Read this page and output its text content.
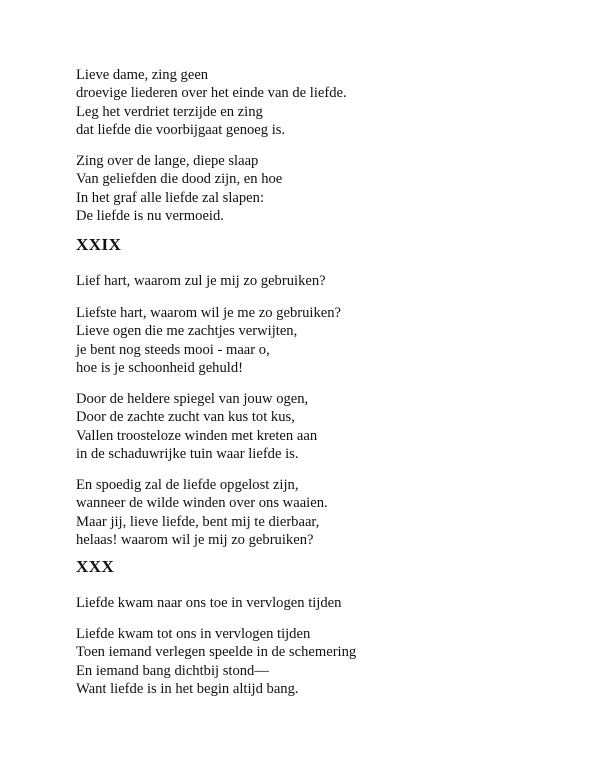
Lieve dame, zing geen
droevige liederen over het einde van de liefde.
Leg het verdriet terzijde en zing
dat liefde die voorbijgaat genoeg is.
Zing over de lange, diepe slaap
Van geliefden die dood zijn, en hoe
In het graf alle liefde zal slapen:
De liefde is nu vermoeid.
XXIX
Lief hart, waarom zul je mij zo gebruiken?
Liefste hart, waarom wil je me zo gebruiken?
Lieve ogen die me zachtjes verwijten,
je bent nog steeds mooi - maar o,
hoe is je schoonheid gehuld!
Door de heldere spiegel van jouw ogen,
Door de zachte zucht van kus tot kus,
Vallen troosteloze winden met kreten aan
in de schaduwrijke tuin waar liefde is.
En spoedig zal de liefde opgelost zijn,
wanneer de wilde winden over ons waaien.
Maar jij, lieve liefde, bent mij te dierbaar,
helaas! waarom wil je mij zo gebruiken?
XXX
Liefde kwam naar ons toe in vervlogen tijden
Liefde kwam tot ons in vervlogen tijden
Toen iemand verlegen speelde in de schemering
En iemand bang dichtbij stond—
Want liefde is in het begin altijd bang.
